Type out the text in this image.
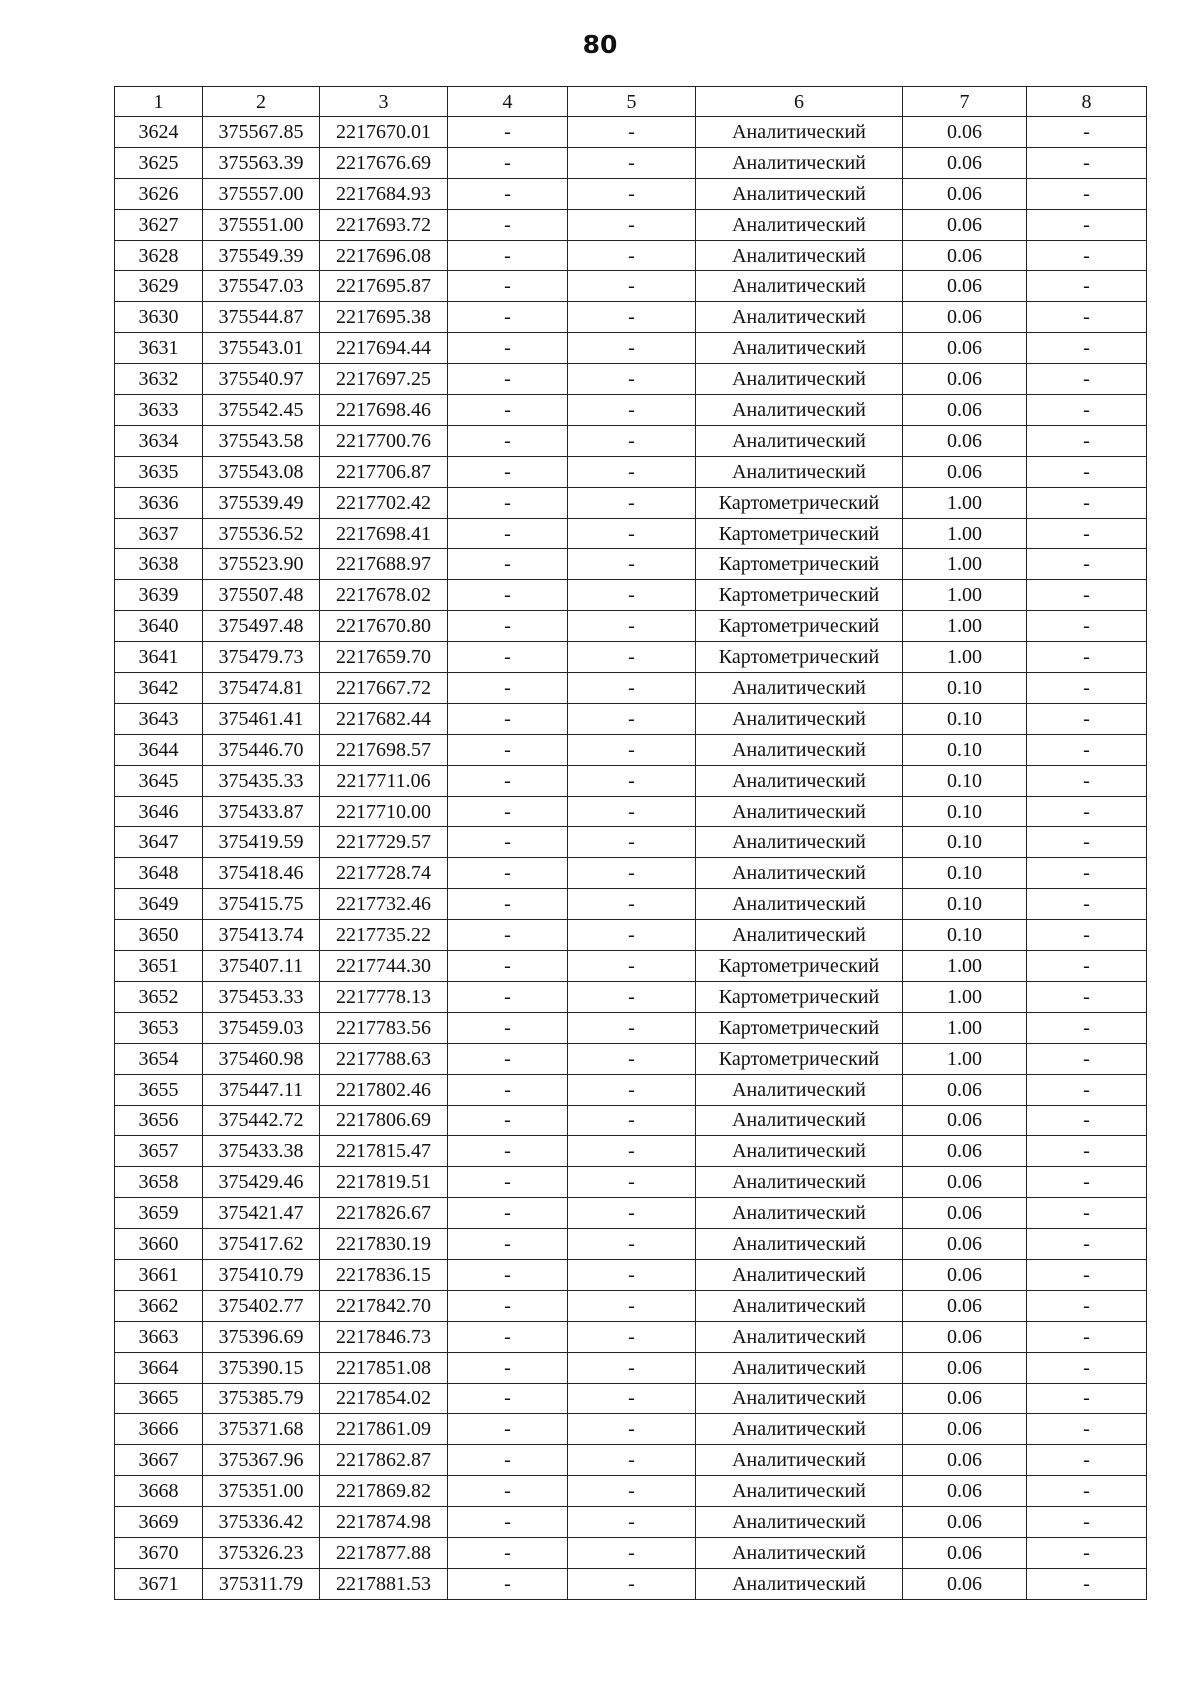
80
1	2	3	4	5	6	7	8
3624	375567.85	2217670.01	-	-	Аналитический	0.06	-
3625	375563.39	2217676.69	-	-	Аналитический	0.06	-
3626	375557.00	2217684.93	-	-	Аналитический	0.06	-
3627	375551.00	2217693.72	-	-	Аналитический	0.06	-
3628	375549.39	2217696.08	-	-	Аналитический	0.06	-
3629	375547.03	2217695.87	-	-	Аналитический	0.06	-
3630	375544.87	2217695.38	-	-	Аналитический	0.06	-
3631	375543.01	2217694.44	-	-	Аналитический	0.06	-
3632	375540.97	2217697.25	-	-	Аналитический	0.06	-
3633	375542.45	2217698.46	-	-	Аналитический	0.06	-
3634	375543.58	2217700.76	-	-	Аналитический	0.06	-
3635	375543.08	2217706.87	-	-	Аналитический	0.06	-
3636	375539.49	2217702.42	-	-	Картометрический	1.00	-
3637	375536.52	2217698.41	-	-	Картометрический	1.00	-
3638	375523.90	2217688.97	-	-	Картометрический	1.00	-
3639	375507.48	2217678.02	-	-	Картометрический	1.00	-
3640	375497.48	2217670.80	-	-	Картометрический	1.00	-
3641	375479.73	2217659.70	-	-	Картометрический	1.00	-
3642	375474.81	2217667.72	-	-	Аналитический	0.10	-
3643	375461.41	2217682.44	-	-	Аналитический	0.10	-
3644	375446.70	2217698.57	-	-	Аналитический	0.10	-
3645	375435.33	2217711.06	-	-	Аналитический	0.10	-
3646	375433.87	2217710.00	-	-	Аналитический	0.10	-
3647	375419.59	2217729.57	-	-	Аналитический	0.10	-
3648	375418.46	2217728.74	-	-	Аналитический	0.10	-
3649	375415.75	2217732.46	-	-	Аналитический	0.10	-
3650	375413.74	2217735.22	-	-	Аналитический	0.10	-
3651	375407.11	2217744.30	-	-	Картометрический	1.00	-
3652	375453.33	2217778.13	-	-	Картометрический	1.00	-
3653	375459.03	2217783.56	-	-	Картометрический	1.00	-
3654	375460.98	2217788.63	-	-	Картометрический	1.00	-
3655	375447.11	2217802.46	-	-	Аналитический	0.06	-
3656	375442.72	2217806.69	-	-	Аналитический	0.06	-
3657	375433.38	2217815.47	-	-	Аналитический	0.06	-
3658	375429.46	2217819.51	-	-	Аналитический	0.06	-
3659	375421.47	2217826.67	-	-	Аналитический	0.06	-
3660	375417.62	2217830.19	-	-	Аналитический	0.06	-
3661	375410.79	2217836.15	-	-	Аналитический	0.06	-
3662	375402.77	2217842.70	-	-	Аналитический	0.06	-
3663	375396.69	2217846.73	-	-	Аналитический	0.06	-
3664	375390.15	2217851.08	-	-	Аналитический	0.06	-
3665	375385.79	2217854.02	-	-	Аналитический	0.06	-
3666	375371.68	2217861.09	-	-	Аналитический	0.06	-
3667	375367.96	2217862.87	-	-	Аналитический	0.06	-
3668	375351.00	2217869.82	-	-	Аналитический	0.06	-
3669	375336.42	2217874.98	-	-	Аналитический	0.06	-
3670	375326.23	2217877.88	-	-	Аналитический	0.06	-
3671	375311.79	2217881.53	-	-	Аналитический	0.06	-
